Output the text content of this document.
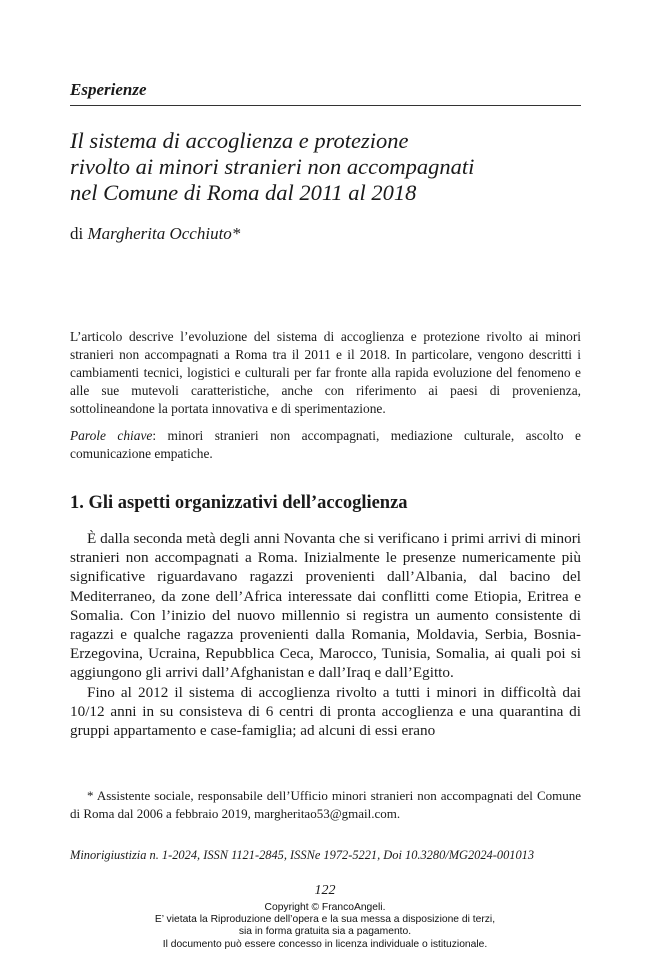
Esperienze
Il sistema di accoglienza e protezione
rivolto ai minori stranieri non accompagnati
nel Comune di Roma dal 2011 al 2018
di Margherita Occhiuto*

L’articolo descrive l’evoluzione del sistema di accoglienza e protezione rivolto ai minori stranieri non accompagnati a Roma tra il 2011 e il 2018. In particolare, vengono descritti i cambiamenti tecnici, logistici e culturali per far fronte alla rapida evoluzione del fenomeno e alle sue mutevoli caratteristiche, anche con riferimento ai paesi di provenienza, sottolineandone la portata innovativa e di sperimentazione.

Parole chiave: minori stranieri non accompagnati, mediazione culturale, ascolto e comunicazione empatiche.

1. Gli aspetti organizzativi dell’accoglienza

È dalla seconda metà degli anni Novanta che si verificano i primi arrivi di minori stranieri non accompagnati a Roma. Inizialmente le presenze numericamente più significative riguardavano ragazzi provenienti dall’Albania, dal bacino del Mediterraneo, da zone dell’Africa interessate dai conflitti come Etiopia, Eritrea e Somalia. Con l’inizio del nuovo millennio si registra un aumento consistente di ragazzi e qualche ragazza provenienti dalla Romania, Moldavia, Serbia, Bosnia-Erzegovina, Ucraina, Repubblica Ceca, Marocco, Tunisia, Somalia, ai quali poi si aggiungono gli arrivi dall’Afghanistan e dall’Iraq e dall’Egitto.

Fino al 2012 il sistema di accoglienza rivolto a tutti i minori in difficoltà dai 10/12 anni in su consisteva di 6 centri di pronta accoglienza e una quarantina di gruppi appartamento e case-famiglia; ad alcuni di essi erano

* Assistente sociale, responsabile dell’Ufficio minori stranieri non accompagnati del Comune di Roma dal 2006 a febbraio 2019, margheritao53@gmail.com.

Minorigiustizia n. 1-2024, ISSN 1121-2845, ISSNe 1972-5221, Doi 10.3280/MG2024-001013
122
Copyright © FrancoAngeli.
E’ vietata la Riproduzione dell’opera e la sua messa a disposizione di terzi,
sia in forma gratuita sia a pagamento.
Il documento può essere concesso in licenza individuale o istituzionale.
